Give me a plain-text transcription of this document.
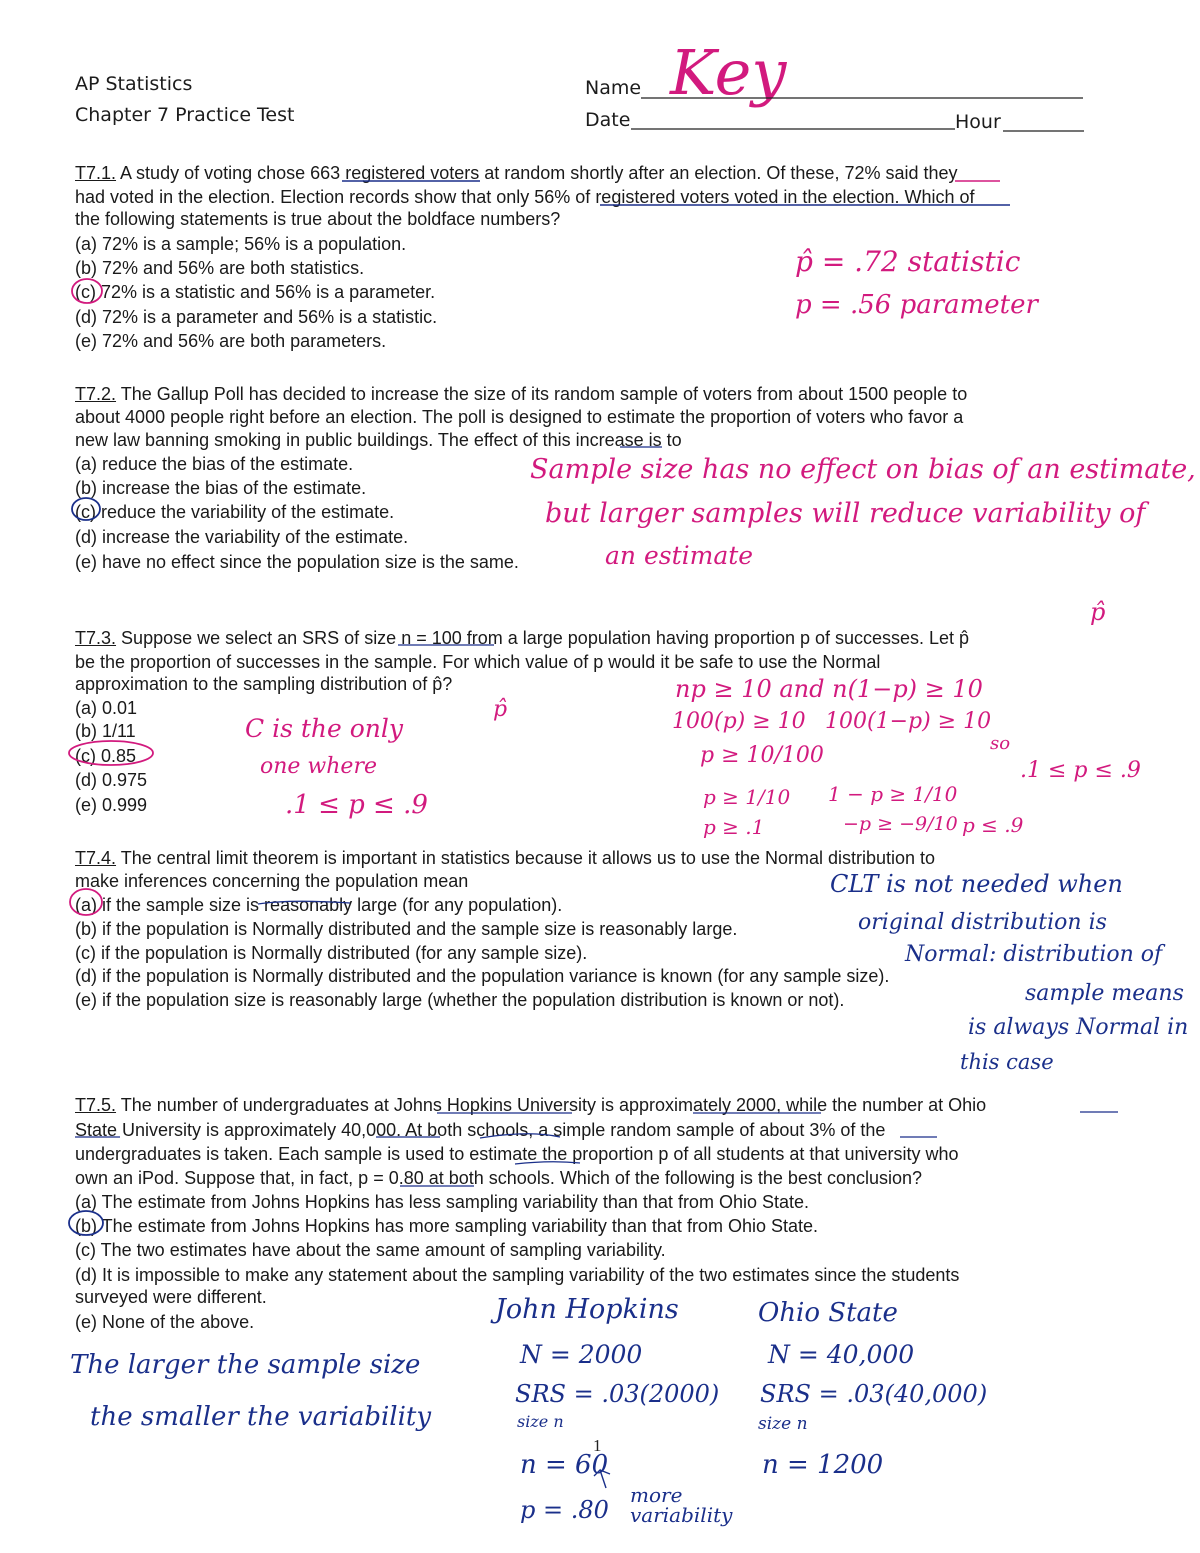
AP Statistics
Chapter 7 Practice Test
Name
Date	Hour
Key
T7.1. A study of voting chose 663 registered voters at random shortly after an election. Of these, 72% said they
had voted in the election. Election records show that only 56% of registered voters voted in the election. Which of
the following statements is true about the boldface numbers?
(a) 72% is a sample; 56% is a population.
(b) 72% and 56% are both statistics.
(c) 72% is a statistic and 56% is a parameter.
(d) 72% is a parameter and 56% is a statistic.
(e) 72% and 56% are both parameters.
p̂ = .72 statistic
p = .56 parameter
T7.2. The Gallup Poll has decided to increase the size of its random sample of voters from about 1500 people to
about 4000 people right before an election. The poll is designed to estimate the proportion of voters who favor a
new law banning smoking in public buildings. The effect of this increase is to
(a) reduce the bias of the estimate.
(b) increase the bias of the estimate.
(c) reduce the variability of the estimate.
(d) increase the variability of the estimate.
(e) have no effect since the population size is the same.
Sample size has no effect on bias of an estimate,
but larger samples will reduce variability of
an estimate
T7.3. Suppose we select an SRS of size n = 100 from a large population having proportion p of successes. Let p̂
be the proportion of successes in the sample. For which value of p would it be safe to use the Normal
approximation to the sampling distribution of p̂?
(a) 0.01
(b) 1/11
(c) 0.85
(d) 0.975
(e) 0.999
C is the only
one where
.1 ≤ p ≤ .9
np ≥ 10 and n(1−p) ≥ 10
100(p) ≥ 10 100(1−p) ≥ 10
p ≥ 10/100
p ≥ 1/10
p ≥ .1
1 − p ≥ 1/10
−p ≥ −9/10 p ≤ .9
so
.1 ≤ p ≤ .9
T7.4. The central limit theorem is important in statistics because it allows us to use the Normal distribution to
make inferences concerning the population mean
(a) if the sample size is reasonably large (for any population).
(b) if the population is Normally distributed and the sample size is reasonably large.
(c) if the population is Normally distributed (for any sample size).
(d) if the population is Normally distributed and the population variance is known (for any sample size).
(e) if the population size is reasonably large (whether the population distribution is known or not).
CLT is not needed when
original distribution is
Normal: distribution of
sample means
is always Normal in
this case
T7.5. The number of undergraduates at Johns Hopkins University is approximately 2000, while the number at Ohio
State University is approximately 40,000. At both schools, a simple random sample of about 3% of the
undergraduates is taken. Each sample is used to estimate the proportion p of all students at that university who
own an iPod. Suppose that, in fact, p = 0.80 at both schools. Which of the following is the best conclusion?
(a) The estimate from Johns Hopkins has less sampling variability than that from Ohio State.
(b) The estimate from Johns Hopkins has more sampling variability than that from Ohio State.
(c) The two estimates have about the same amount of sampling variability.
(d) It is impossible to make any statement about the sampling variability of the two estimates since the students
surveyed were different.
(e) None of the above.
The larger the sample size
the smaller the variability
John Hopkins
N = 2000
SRS = .03(2000)
size n
n = 60
p = .80
more variability
Ohio State
N = 40,000
SRS = .03(40,000)
size n
n = 1200
1
p̂
p̂
